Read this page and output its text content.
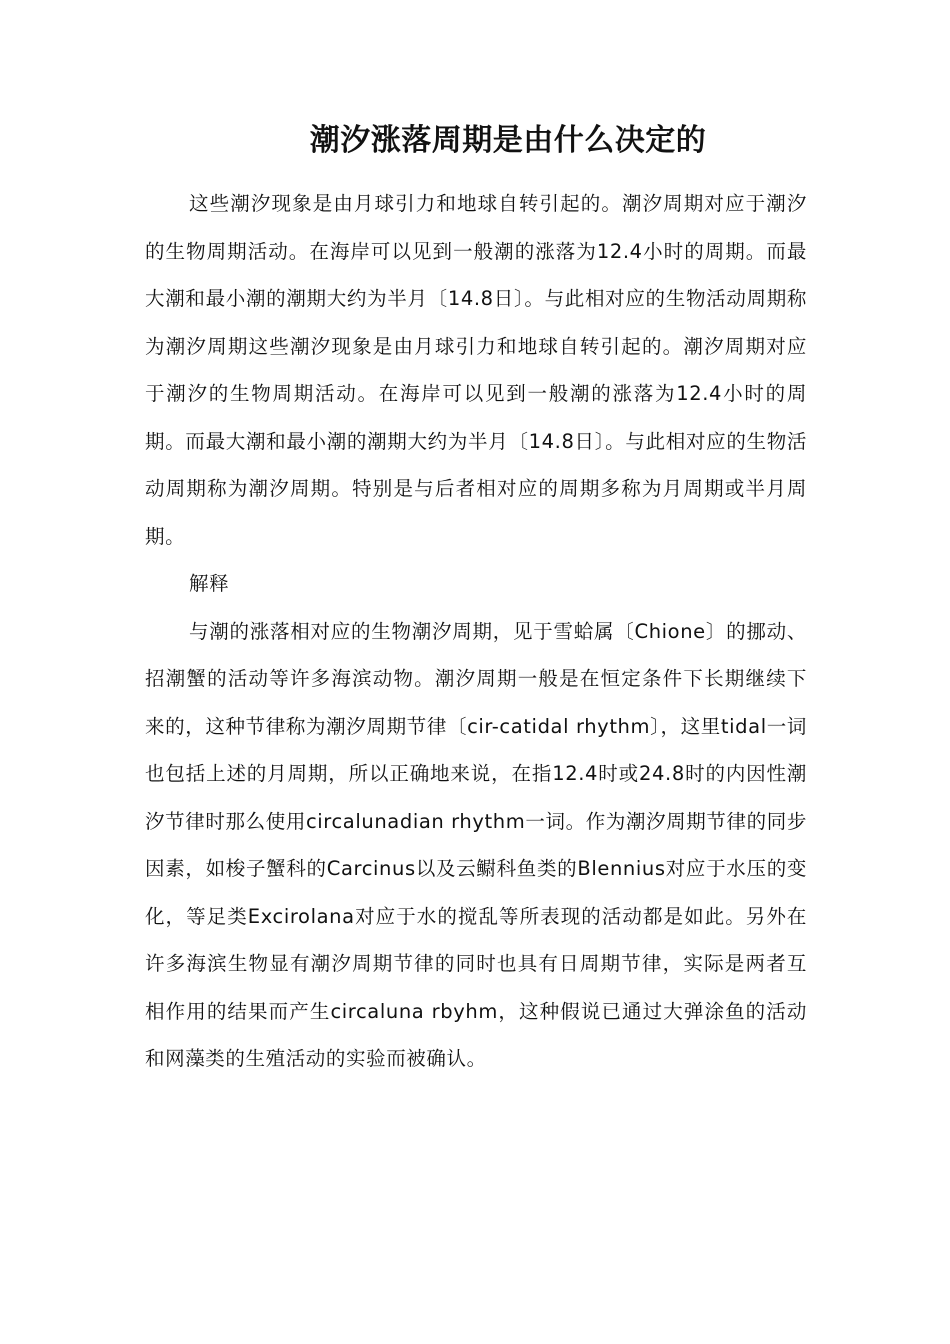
潮汐涨落周期是由什么决定的

这些潮汐现象是由月球引力和地球自转引起的。潮汐周期对应于潮汐的生物周期活动。在海岸可以见到一般潮的涨落为12.4小时的周期。而最大潮和最小潮的潮期大约为半月〔14.8日〕。与此相对应的生物活动周期称为潮汐周期这些潮汐现象是由月球引力和地球自转引起的。潮汐周期对应于潮汐的生物周期活动。在海岸可以见到一般潮的涨落为12.4小时的周期。而最大潮和最小潮的潮期大约为半月〔14.8日〕。与此相对应的生物活动周期称为潮汐周期。特别是与后者相对应的周期多称为月周期或半月周期。

解释

与潮的涨落相对应的生物潮汐周期，见于雪蛤属〔Chione〕的挪动、招潮蟹的活动等许多海滨动物。潮汐周期一般是在恒定条件下长期继续下来的，这种节律称为潮汐周期节律〔cir-catidal rhythm〕，这里tidal一词也包括上述的月周期，所以正确地来说，在指12.4时或24.8时的内因性潮汐节律时那么使用circalunadian rhythm一词。作为潮汐周期节律的同步因素，如梭子蟹科的Carcinus以及云鳚科鱼类的Blennius对应于水压的变化，等足类Excirolana对应于水的搅乱等所表现的活动都是如此。另外在许多海滨生物显有潮汐周期节律的同时也具有日周期节律，实际是两者互相作用的结果而产生circaluna rbyhm，这种假说已通过大弹涂鱼的活动和网藻类的生殖活动的实验而被确认。
